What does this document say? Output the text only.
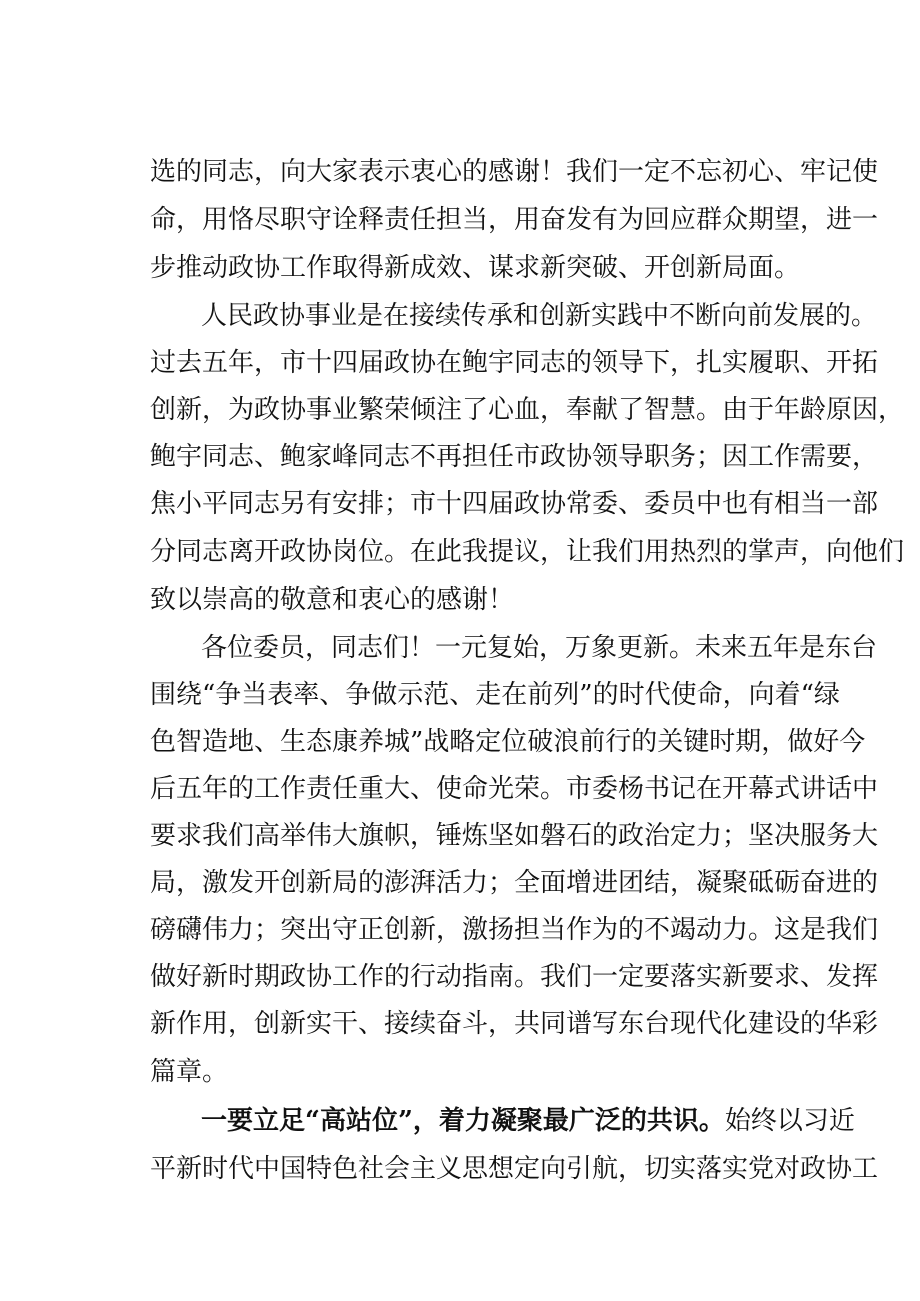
选的同志，向大家表示衷心的感谢！我们一定不忘初心、牢记使
命，用恪尽职守诠释责任担当，用奋发有为回应群众期望，进一
步推动政协工作取得新成效、谋求新突破、开创新局面。
人民政协事业是在接续传承和创新实践中不断向前发展的。
过去五年，市十四届政协在鲍宇同志的领导下，扎实履职、开拓
创新，为政协事业繁荣倾注了心血，奉献了智慧。由于年龄原因，
鲍宇同志、鲍家峰同志不再担任市政协领导职务；因工作需要，
焦小平同志另有安排；市十四届政协常委、委员中也有相当一部
分同志离开政协岗位。在此我提议，让我们用热烈的掌声，向他们
致以崇高的敬意和衷心的感谢！
各位委员，同志们！一元复始，万象更新。未来五年是东台
围绕“争当表率、争做示范、走在前列”的时代使命，向着“绿
色智造地、生态康养城”战略定位破浪前行的关键时期，做好今
后五年的工作责任重大、使命光荣。市委杨书记在开幕式讲话中
要求我们高举伟大旗帜，锤炼坚如磐石的政治定力；坚决服务大
局，激发开创新局的澎湃活力；全面增进团结，凝聚砥砺奋进的
磅礴伟力；突出守正创新，激扬担当作为的不竭动力。这是我们
做好新时期政协工作的行动指南。我们一定要落实新要求、发挥
新作用，创新实干、接续奋斗，共同谱写东台现代化建设的华彩
篇章。
一要立足“高站位”，着力凝聚最广泛的共识。始终以习近
平新时代中国特色社会主义思想定向引航，切实落实党对政协工
